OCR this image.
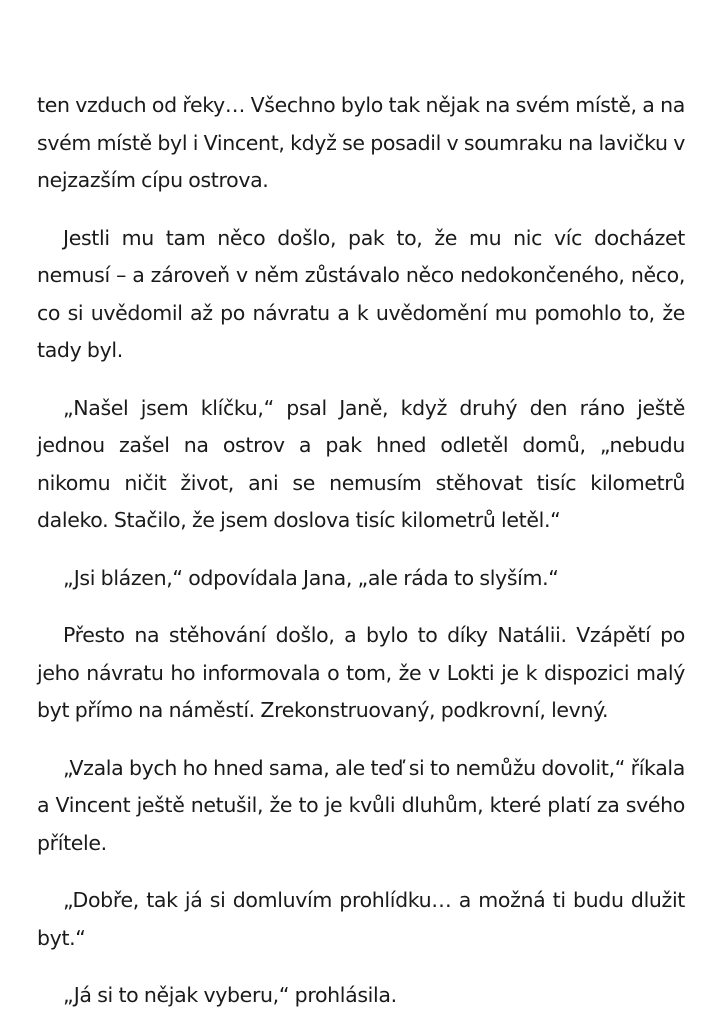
ten vzduch od řeky… Všechno bylo tak nějak na svém místě, a na svém místě byl i Vincent, když se posadil v soumraku na lavičku v nejzazším cípu ostrova.

Jestli mu tam něco došlo, pak to, že mu nic víc docházet nemusí – a zároveň v něm zůstávalo něco nedokončeného, něco, co si uvědomil až po návratu a k uvědomění mu pomohlo to, že tady byl.

„Našel jsem klíčku,“ psal Janě, když druhý den ráno ještě jednou zašel na ostrov a pak hned odletěl domů, „nebudu nikomu ničit život, ani se nemusím stěhovat tisíc kilometrů daleko. Stačilo, že jsem doslova tisíc kilometrů letěl.“

„Jsi blázen,“ odpovídala Jana, „ale ráda to slyším.“

Přesto na stěhování došlo, a bylo to díky Natálii. Vzápětí po jeho návratu ho informovala o tom, že v Lokti je k dispozici malý byt přímo na náměstí. Zrekonstruovaný, podkrovní, levný.

„Vzala bych ho hned sama, ale teď si to nemůžu dovolit,“ říkala a Vincent ještě netušil, že to je kvůli dluhům, které platí za svého přítele.

„Dobře, tak já si domluvím prohlídku… a možná ti budu dlužit byt.“

„Já si to nějak vyberu,“ prohlásila.
